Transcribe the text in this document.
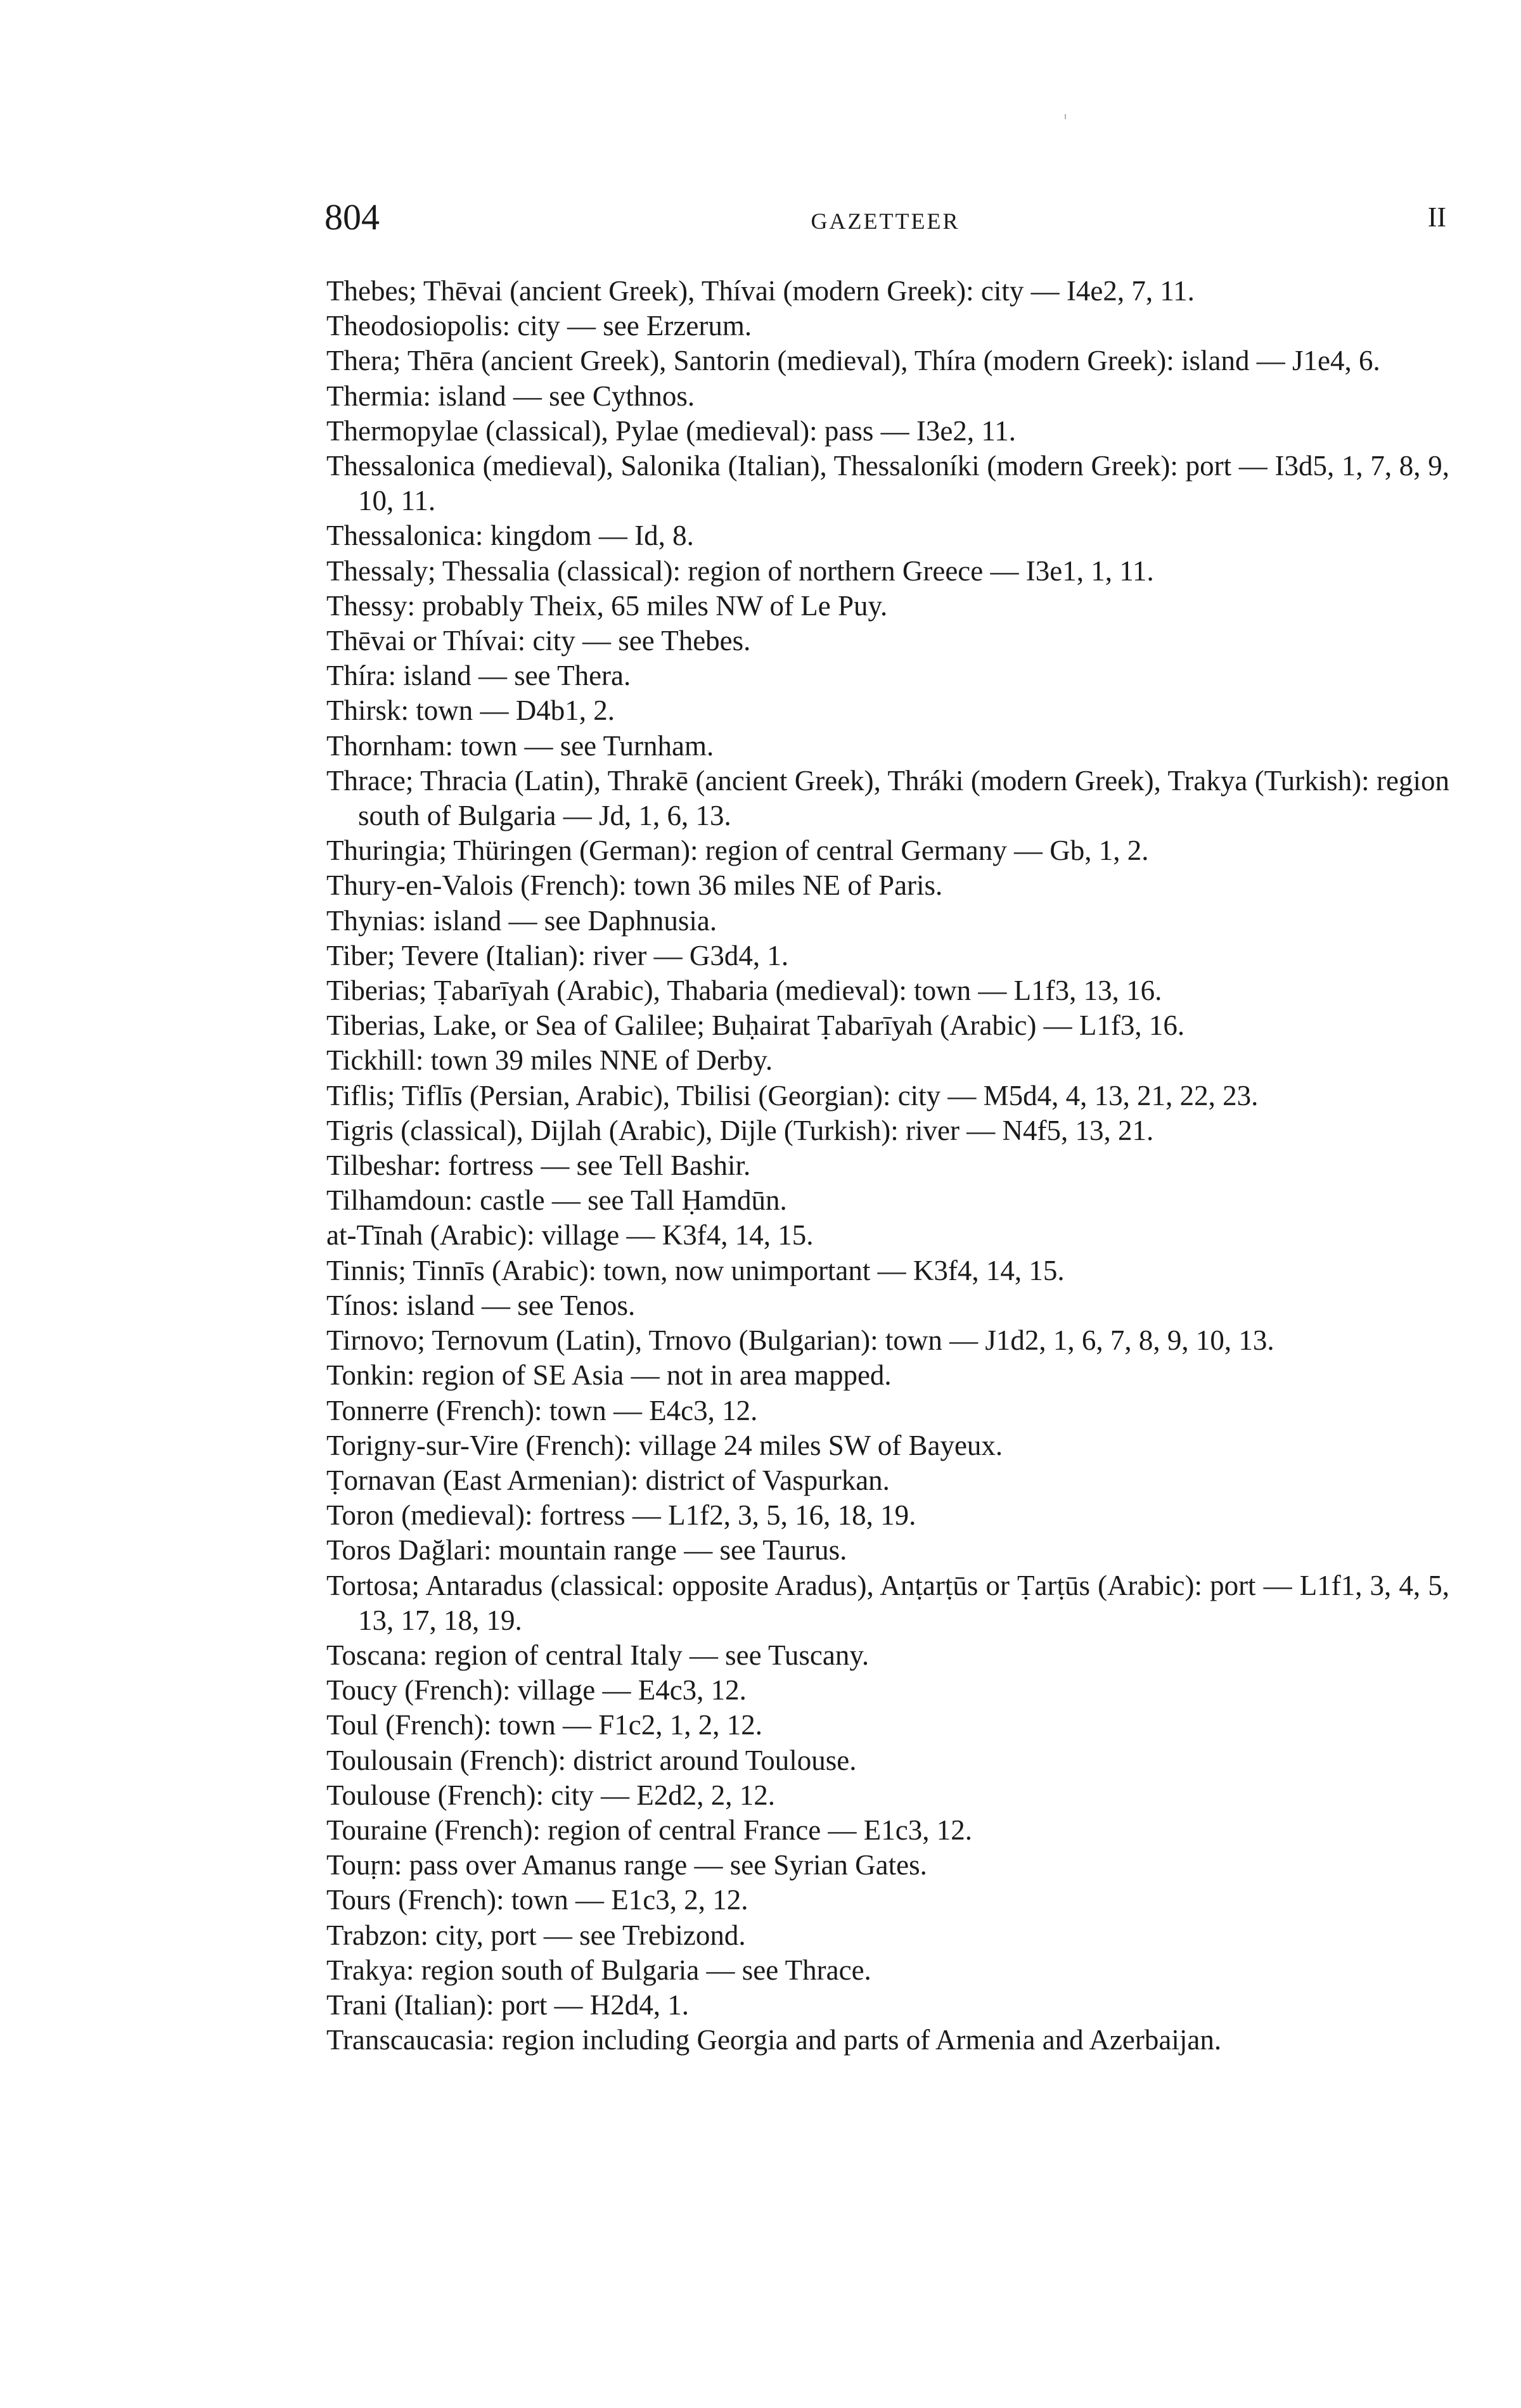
804	GAZETTEER	II
Thebes; Thēvai (ancient Greek), Thívai (modern Greek): city — I4e2, 7, 11.
Theodosiopolis: city — see Erzerum.
Thera; Thēra (ancient Greek), Santorin (medieval), Thíra (modern Greek): island — J1e4, 6.
Thermia: island — see Cythnos.
Thermopylae (classical), Pylae (medieval): pass — I3e2, 11.
Thessalonica (medieval), Salonika (Italian), Thessaloníki (modern Greek): port — I3d5, 1, 7, 8, 9, 10, 11.
Thessalonica: kingdom — Id, 8.
Thessaly; Thessalia (classical): region of northern Greece — I3e1, 1, 11.
Thessy: probably Theix, 65 miles NW of Le Puy.
Thēvai or Thívai: city — see Thebes.
Thíra: island — see Thera.
Thirsk: town — D4b1, 2.
Thornham: town — see Turnham.
Thrace; Thracia (Latin), Thrakē (ancient Greek), Thráki (modern Greek), Trakya (Turkish): region south of Bulgaria — Jd, 1, 6, 13.
Thuringia; Thüringen (German): region of central Germany — Gb, 1, 2.
Thury-en-Valois (French): town 36 miles NE of Paris.
Thynias: island — see Daphnusia.
Tiber; Tevere (Italian): river — G3d4, 1.
Tiberias; Ṭabarīyah (Arabic), Thabaria (medieval): town — L1f3, 13, 16.
Tiberias, Lake, or Sea of Galilee; Buḥairat Ṭabarīyah (Arabic) — L1f3, 16.
Tickhill: town 39 miles NNE of Derby.
Tiflis; Tiflīs (Persian, Arabic), Tbilisi (Georgian): city — M5d4, 4, 13, 21, 22, 23.
Tigris (classical), Dijlah (Arabic), Dijle (Turkish): river — N4f5, 13, 21.
Tilbeshar: fortress — see Tell Bashir.
Tilhamdoun: castle — see Tall Ḥamdūn.
at-Tīnah (Arabic): village — K3f4, 14, 15.
Tinnis; Tinnīs (Arabic): town, now unimportant — K3f4, 14, 15.
Tínos: island — see Tenos.
Tirnovo; Ternovum (Latin), Trnovo (Bulgarian): town — J1d2, 1, 6, 7, 8, 9, 10, 13.
Tonkin: region of SE Asia — not in area mapped.
Tonnerre (French): town — E4c3, 12.
Torigny-sur-Vire (French): village 24 miles SW of Bayeux.
Ṭornavan (East Armenian): district of Vaspurkan.
Toron (medieval): fortress — L1f2, 3, 5, 16, 18, 19.
Toros Dağlari: mountain range — see Taurus.
Tortosa; Antaradus (classical: opposite Aradus), Anṭarṭūs or Ṭarṭūs (Arabic): port — L1f1, 3, 4, 5, 13, 17, 18, 19.
Toscana: region of central Italy — see Tuscany.
Toucy (French): village — E4c3, 12.
Toul (French): town — F1c2, 1, 2, 12.
Toulousain (French): district around Toulouse.
Toulouse (French): city — E2d2, 2, 12.
Touraine (French): region of central France — E1c3, 12.
Touṛn: pass over Amanus range — see Syrian Gates.
Tours (French): town — E1c3, 2, 12.
Trabzon: city, port — see Trebizond.
Trakya: region south of Bulgaria — see Thrace.
Trani (Italian): port — H2d4, 1.
Transcaucasia: region including Georgia and parts of Armenia and Azerbaijan.
